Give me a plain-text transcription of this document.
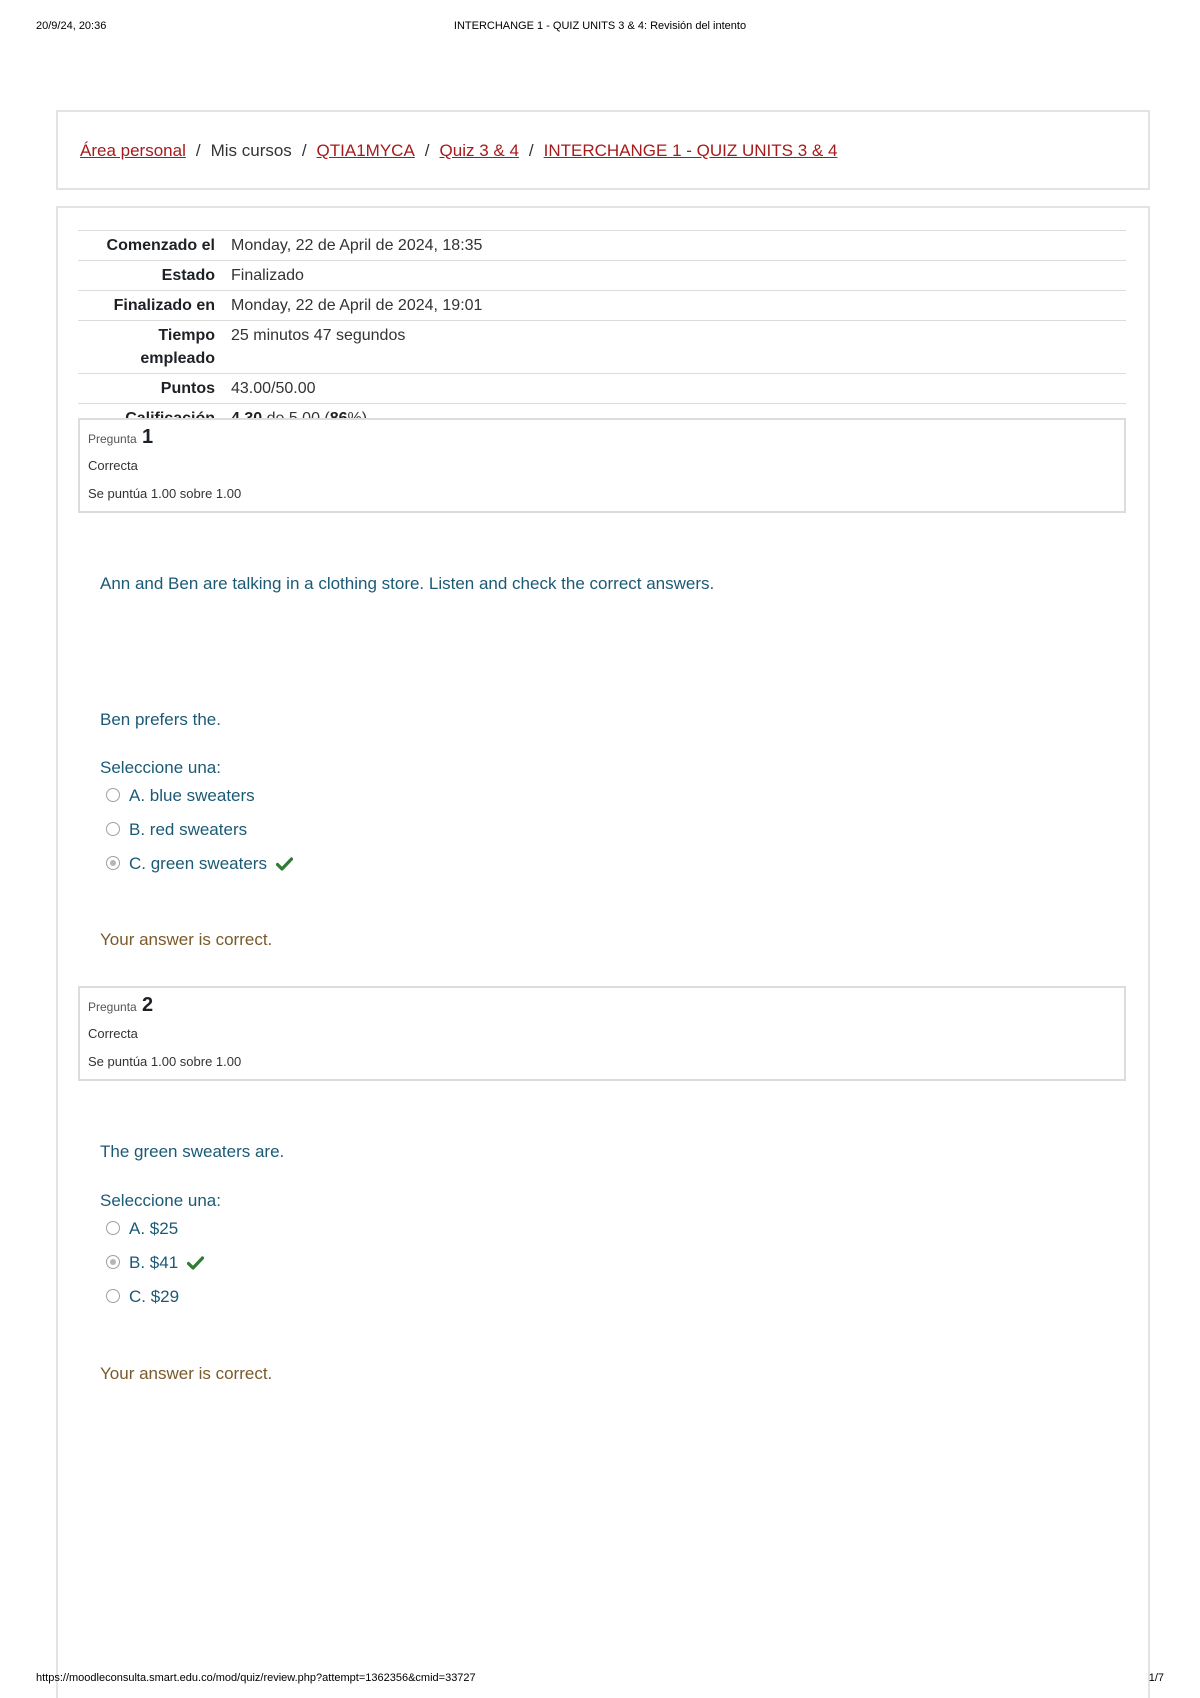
20/9/24, 20:36	INTERCHANGE 1 - QUIZ UNITS 3 & 4: Revisión del intento
Área personal / Mis cursos / QTIA1MYCA / Quiz 3 & 4 / INTERCHANGE 1 - QUIZ UNITS 3 & 4
Comenzado el	Monday, 22 de April de 2024, 18:35
Estado	Finalizado
Finalizado en	Monday, 22 de April de 2024, 19:01
Tiempo
empleado	25 minutos 47 segundos
Puntos	43.00/50.00

Pregunta 1
Correcta
Se puntúa 1.00 sobre 1.00
Ann and Ben are talking in a clothing store. Listen and check the correct answers.
Ben prefers the.
Seleccione una:
A. blue sweaters
B. red sweaters
C. green sweaters
Your answer is correct.
Pregunta 2
Correcta
Se puntúa 1.00 sobre 1.00
The green sweaters are.
Seleccione una:
A. $25
B. $41
C. $29
Your answer is correct.
https://moodleconsulta.smart.edu.co/mod/quiz/review.php?attempt=1362356&cmid=33727	1/7
